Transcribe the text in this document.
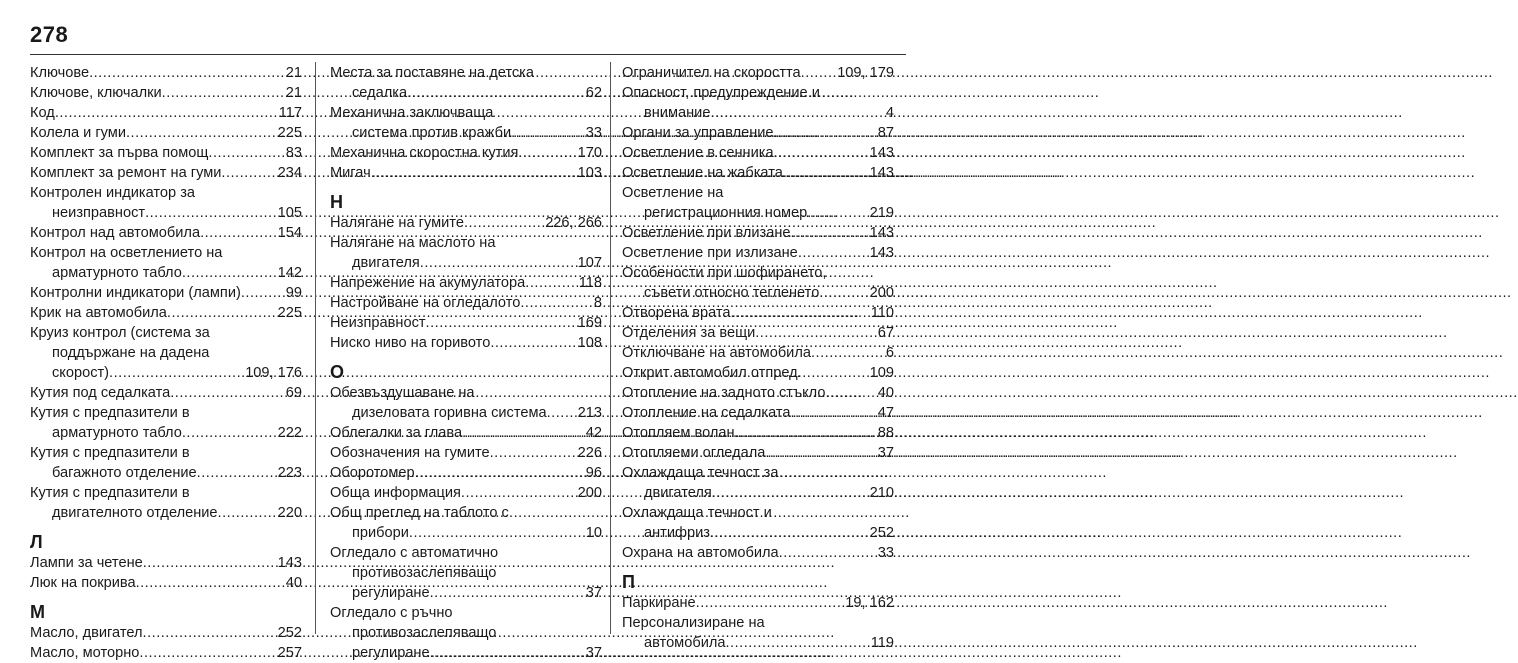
278
Ключове .....	21
Ключове, ключалки .....	21
Код .....	117
Колела и гуми .....	225
Комплект за първа помощ .....	83
Комплект за ремонт на гуми .....	234
Контролен индикатор за
неизправност .....	105
Контрол над автомобила .....	154
Контрол на осветлението на
арматурното табло .....	142
Контролни индикатори (лампи) .....	99
Крик на автомобила .....	225
Круиз контрол (система за
поддържане на дадена
скорост) .....	109, 176
Кутия под седалката .....	69
Кутия с предпазители в
арматурното табло .....	222
Кутия с предпазители в
багажното отделение .....	223
Кутия с предпазители в
двигателното отделение .....	220
Л
Лампи за четене .....	143
Люк на покрива .....	40
М
Масло, двигател .....	252
Масло, моторно .....	257
Места за поставяне на детска
седалка .....	62
Механична заключваща
система против кражби .....	33
Механична скоростна кутия .....	170
Мигач .....	103
Н
Налягане на гумите .....	226, 266
Налягане на маслото на
двигателя .....	107
Напрежение на акумулатора .....	118
Настройване на огледалото .....	8
Неизправност .....	169
Ниско ниво на горивото .....	108
О
Обезвъздушаване на
дизеловата горивна система ..... 213
Облегалки за глава .....	42
Обозначения на гумите .....	226
Оборотомер .....	96
Обща информация .....	200
Общ преглед на таблото с
прибори .....	10
Огледало с автоматично
противозаслепяващо
регулиране .....	37
Огледало с ръчно
противозаслепяващо
регулиране .....	37
Ограничител на скоростта .....	109, 179
Опасност, предупреждение и
внимание .....	4
Органи за управление .....	87
Осветление в сенника .....	143
Осветление на жабката .....	143
Осветление на
регистрационния номер .....	219
Осветление при влизане .....	143
Осветление при излизане .....	143
Особености при шофирането,
съвети относно тегленето .....	200
Отворена врата .....	110
Отделения за вещи .....	67
Отключване на автомобила .....	6
Открит автомобил отпред .....	109
Отопление на задното стъкло .....	40
Отопление на седалката .....	47
Отопляем волан .....	88
Отопляеми огледала .....	37
Охлаждаща течност за
двигателя .....	210
Охлаждаща течност и
антифриз .....	252
Охрана на автомобила .....	33
П
Паркиране .....	19, 162
Персонализиране на
автомобила .....	119
